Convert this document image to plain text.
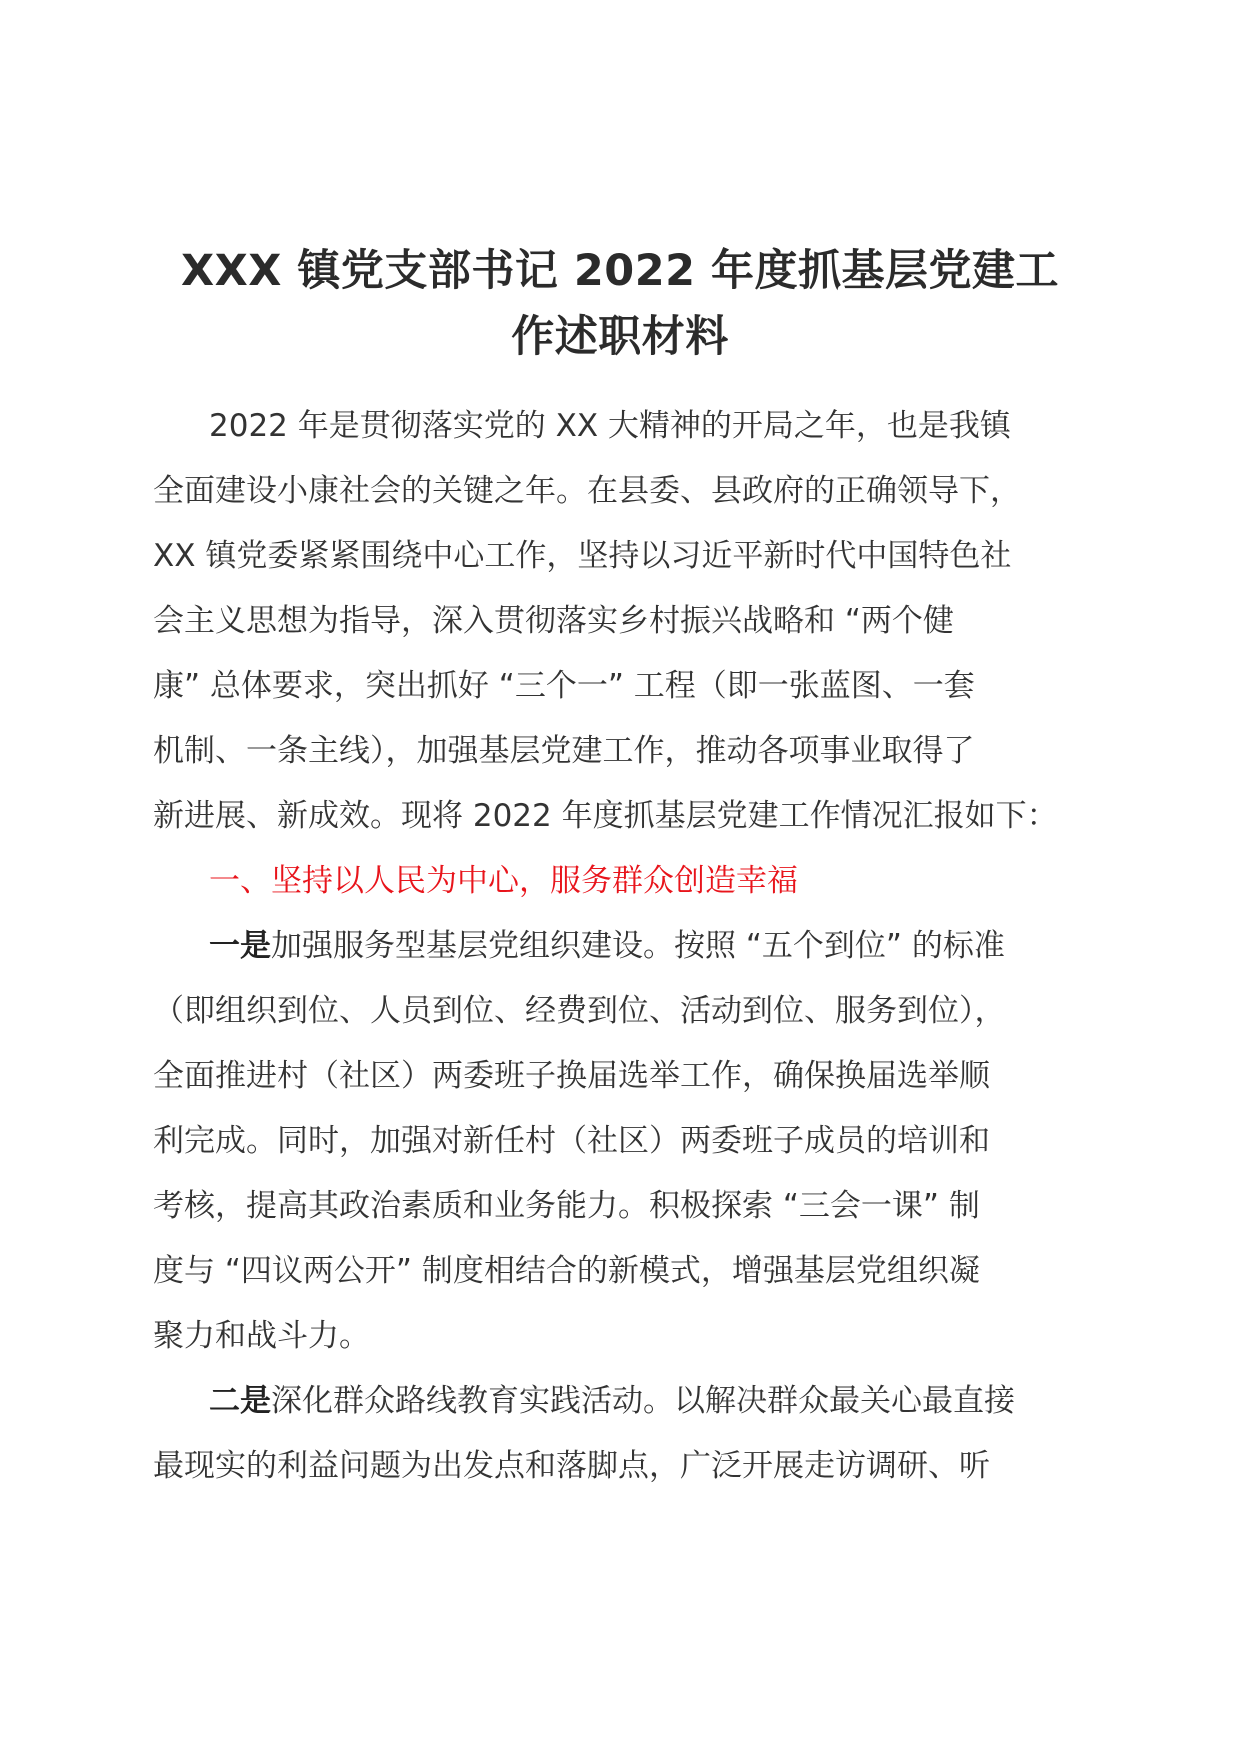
XXX 镇党支部书记 2022 年度抓基层党建工
作述职材料
2022 年是贯彻落实党的 XX 大精神的开局之年，也是我镇
全面建设小康社会的关键之年。在县委、县政府的正确领导下，
XX 镇党委紧紧围绕中心工作，坚持以习近平新时代中国特色社
会主义思想为指导，深入贯彻落实乡村振兴战略和 “两个健
康” 总体要求，突出抓好 “三个一” 工程（即一张蓝图、一套
机制、一条主线），加强基层党建工作，推动各项事业取得了
新进展、新成效。现将 2022 年度抓基层党建工作情况汇报如下：
一、坚持以人民为中心，服务群众创造幸福
一是加强服务型基层党组织建设。按照 “五个到位” 的标准
（即组织到位、人员到位、经费到位、活动到位、服务到位），
全面推进村（社区）两委班子换届选举工作，确保换届选举顺
利完成。同时，加强对新任村（社区）两委班子成员的培训和
考核，提高其政治素质和业务能力。积极探索 “三会一课” 制
度与 “四议两公开” 制度相结合的新模式，增强基层党组织凝
聚力和战斗力。
二是深化群众路线教育实践活动。以解决群众最关心最直接
最现实的利益问题为出发点和落脚点，广泛开展走访调研、听
